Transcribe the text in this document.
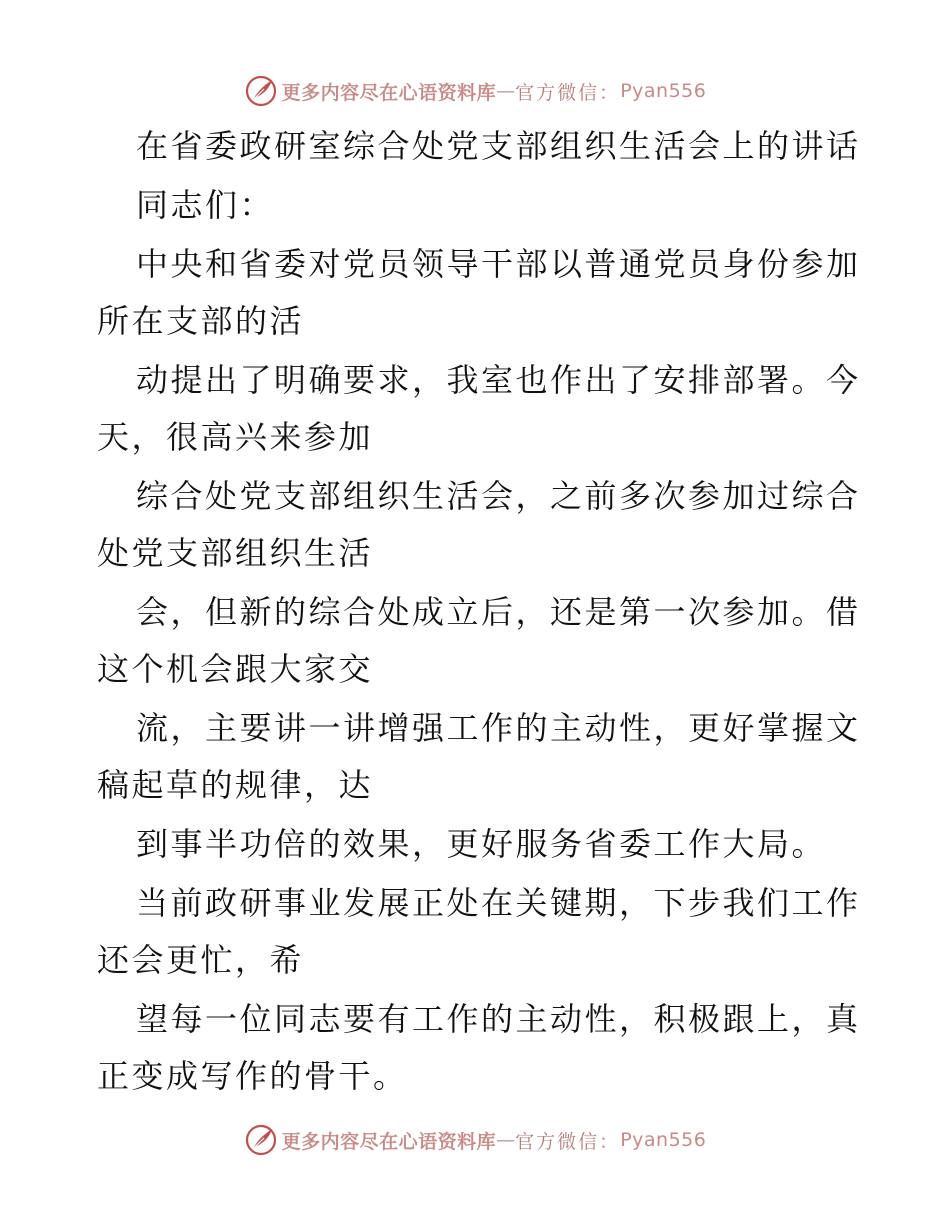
更多内容尽在心语资料库 — 官方微信： Pyan556
在省委政研室综合处党支部组织生活会上的讲话
同志们：
中央和省委对党员领导干部以普通党员身份参加
所在支部的活
动提出了明确要求，我室也作出了安排部署。今
天，很高兴来参加
综合处党支部组织生活会，之前多次参加过综合
处党支部组织生活
会，但新的综合处成立后，还是第一次参加。借
这个机会跟大家交
流，主要讲一讲增强工作的主动性，更好掌握文
稿起草的规律，达
到事半功倍的效果，更好服务省委工作大局。
当前政研事业发展正处在关键期，下步我们工作
还会更忙，希
望每一位同志要有工作的主动性，积极跟上，真
正变成写作的骨干。
更多内容尽在心语资料库 — 官方微信： Pyan556
